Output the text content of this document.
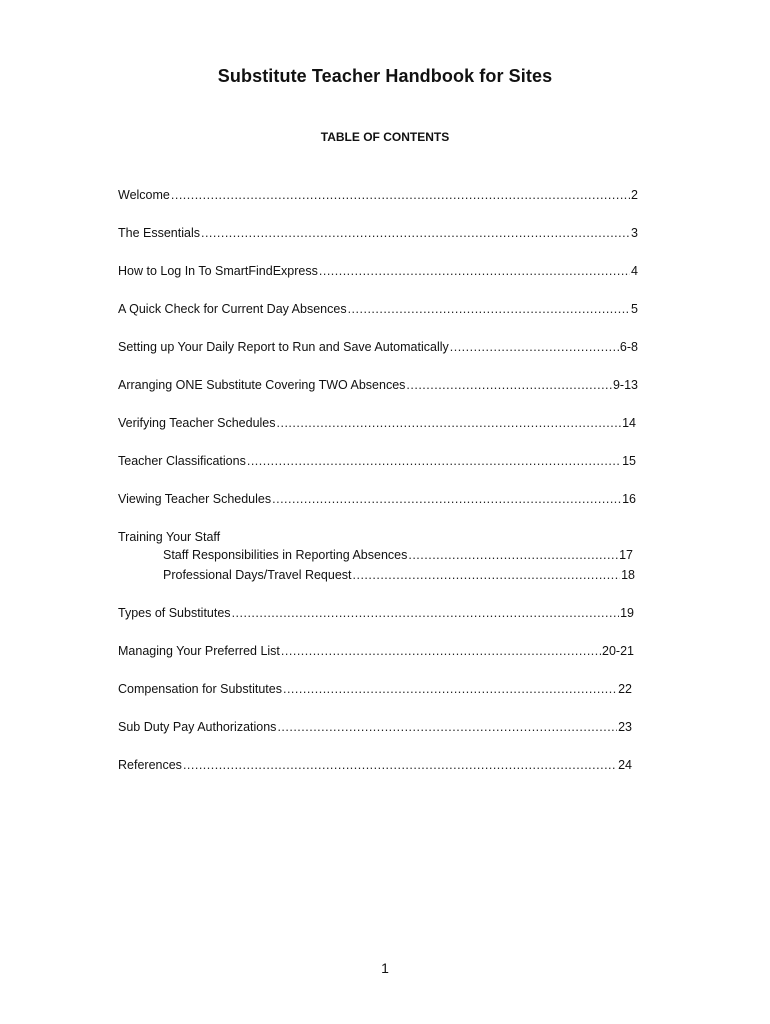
Substitute Teacher Handbook for Sites
TABLE OF CONTENTS
Welcome .....	2
The Essentials .....	3
How to Log In To SmartFindExpress .....	4
A Quick Check for Current Day Absences .....	5
Setting up Your Daily Report to Run and Save Automatically .....	6-8
Arranging ONE Substitute Covering TWO Absences .....	9-13
Verifying Teacher Schedules .....	14
Teacher Classifications .....	15
Viewing Teacher Schedules .....	16
Training Your Staff
Staff Responsibilities in Reporting Absences .....	17
Professional Days/Travel Request .....	18
Types of Substitutes .....	19
Managing Your Preferred List .....	20-21
Compensation for Substitutes .....	22
Sub Duty Pay Authorizations .....	23
References .....	24
1
